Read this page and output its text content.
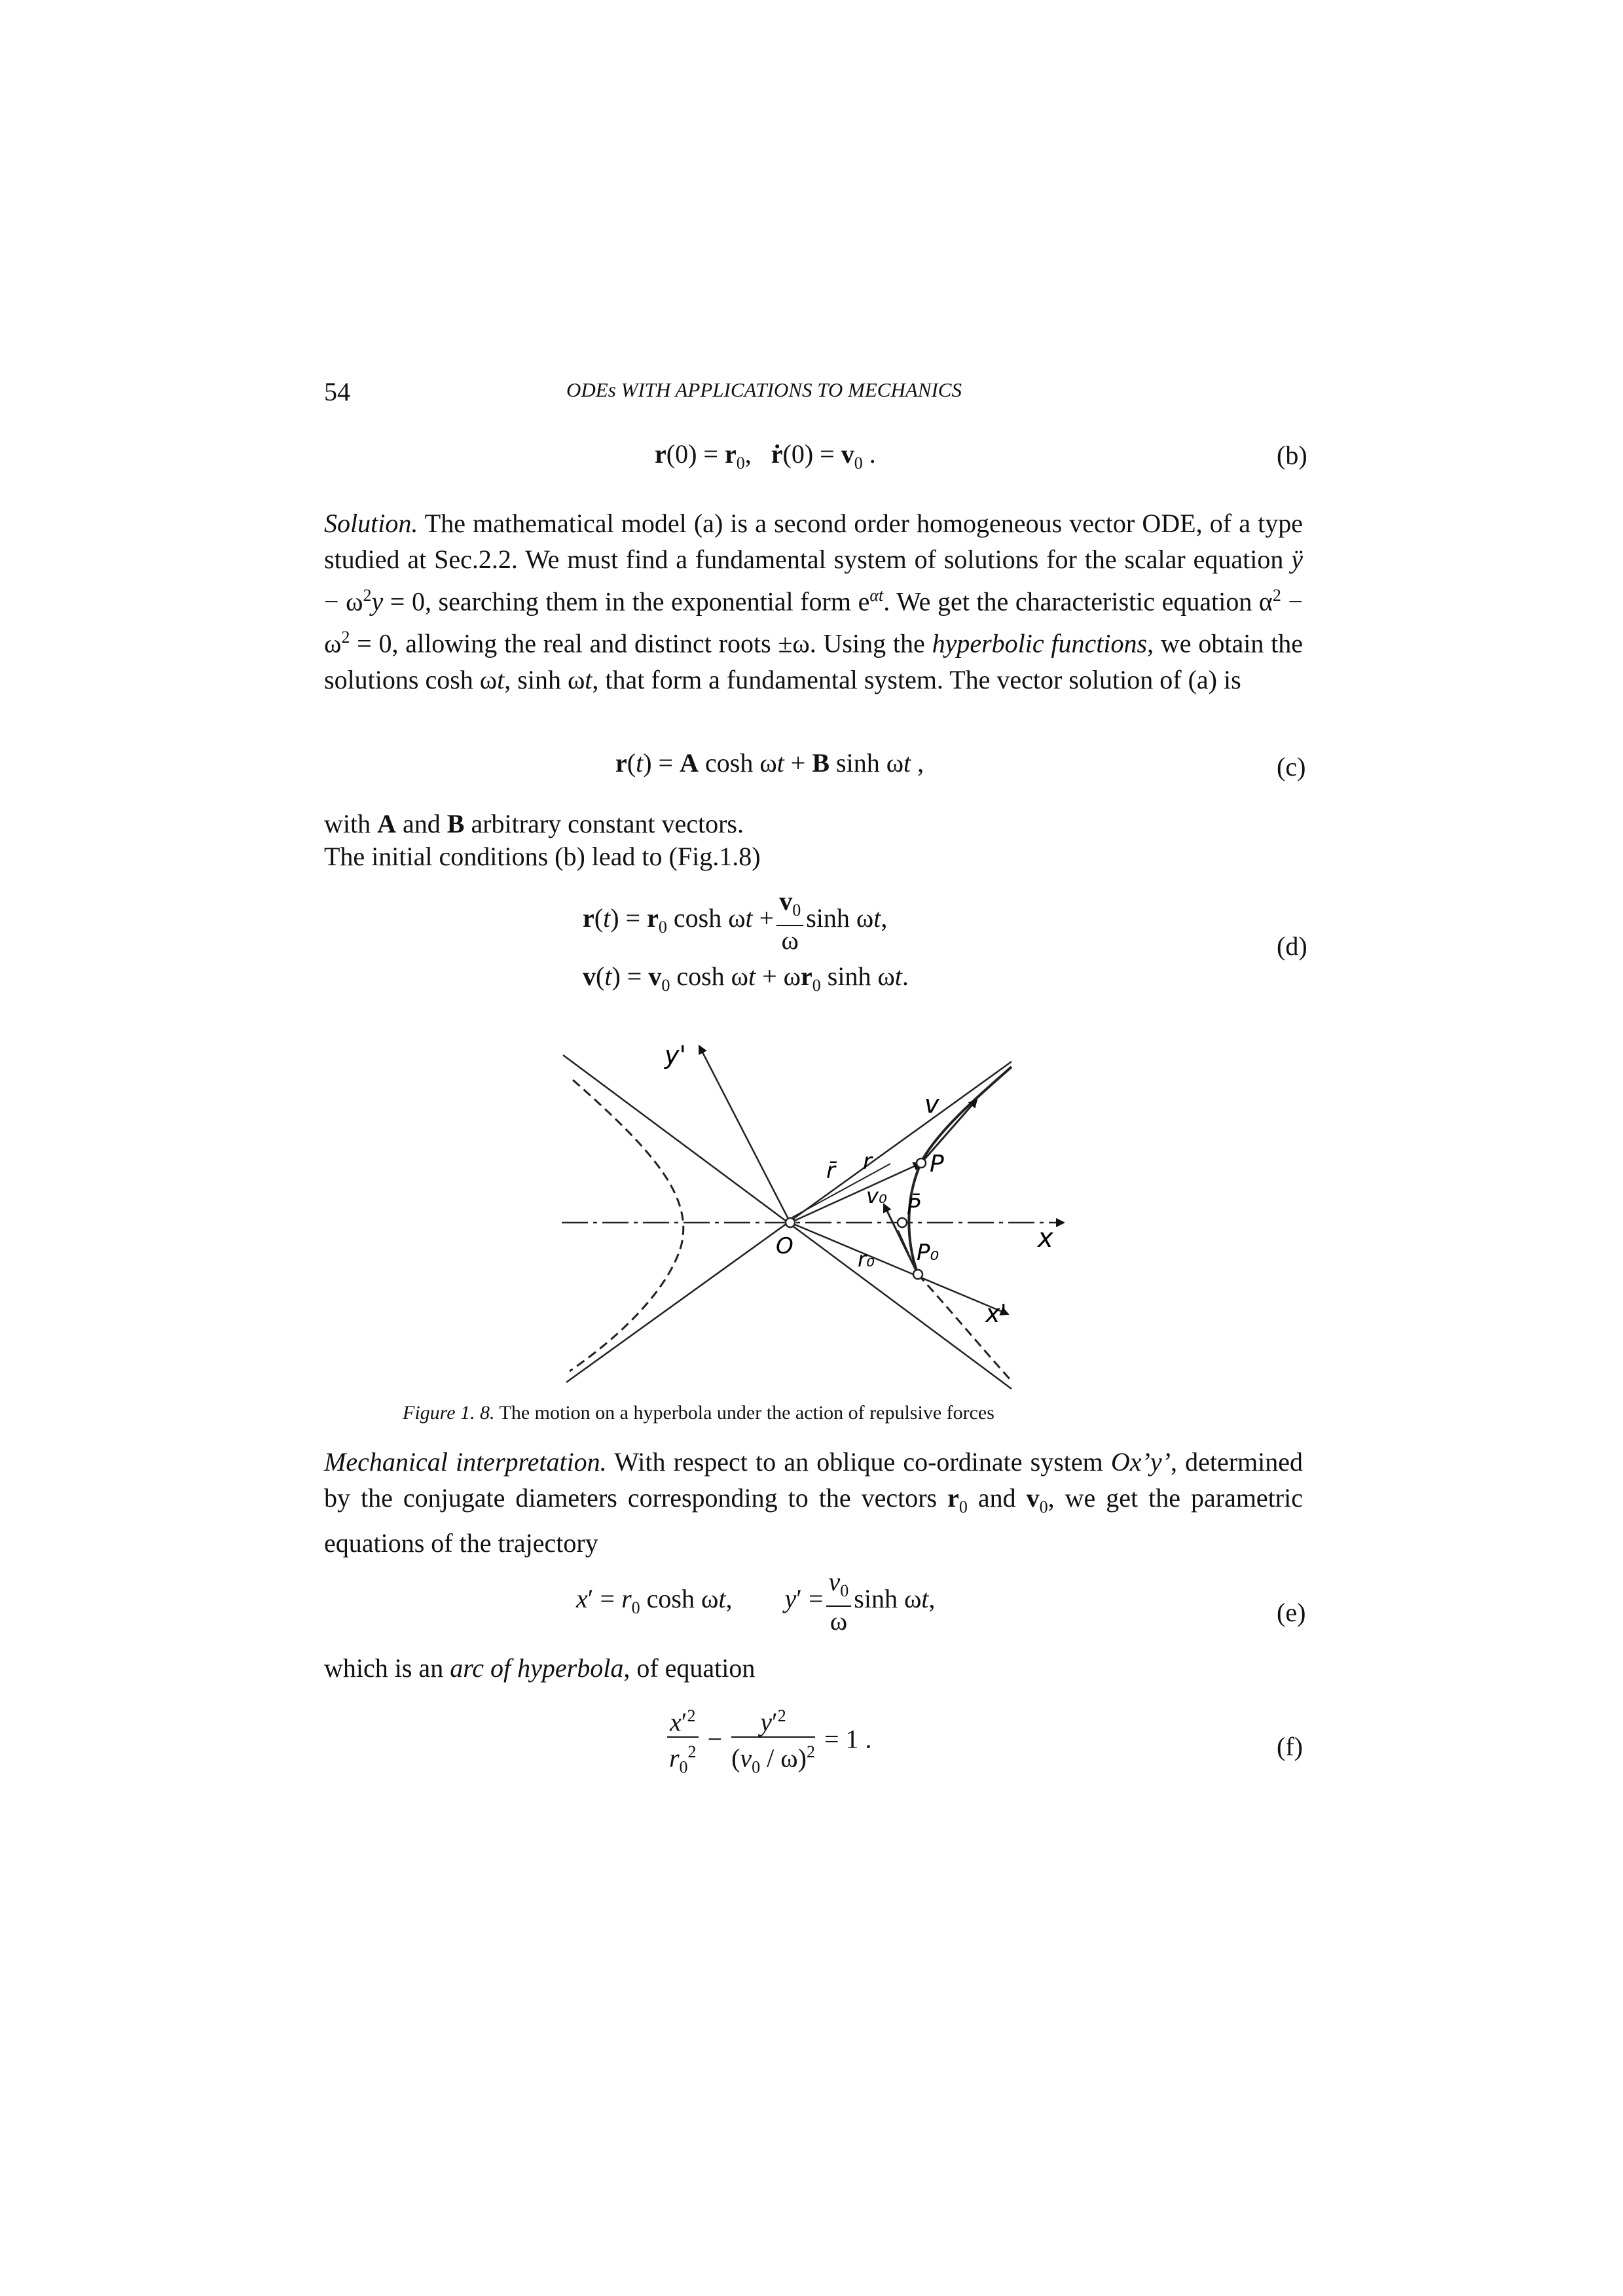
54	ODEs WITH APPLICATIONS TO MECHANICS
$r(0) = r_0$,   ṙ(0) = $v_0$ .	(b)

Solution. The mathematical model (a) is a second order homogeneous vector ODE, of a type studied at Sec.2.2. We must find a fundamental system of solutions for the scalar equation ÿ − $\omega^2y = 0$, searching them in the exponential form $e^{\alpha t}$. We get the characteristic equation $\alpha^2 - \omega^2 = 0$, allowing the real and distinct roots ±ω. Using the hyperbolic functions, we obtain the solutions cosh ωt, sinh ωt, that form a fundamental system. The vector solution of (a) is

r(t) = A cosh ωt + B sinh ωt ,	(c)
with A and B arbitrary constant vectors.
The initial conditions (b) lead to (Fig.1.8)
$r(t) = r_0$ $\cosh \omega t + \frac{v_0}{\omega}$ sinh ωt,
$v(t) = v_0$ $\cosh \omega t + \omega r_0$ sinh ωt.
(d)
y'
x
x'
O
v
r̄ r P
v₀ P̄
r₀ P₀
Figure 1. 8. The motion on a hyperbola under the action of repulsive forces

Mechanical interpretation. With respect to an oblique co-ordinate system Ox’y’, determined by the conjugate diameters corresponding to the vectors $r_0$ and $v_0$, we get the parametric equations of the trajectory

$x' = r_0$ cosh ωt,        $y' = \frac{v_0}{\omega}$ sinh ωt,	(e)
which is an arc of hyperbola, of equation
$\frac{x'^2}{r_0^2} - \frac{y'^2}{(v_0 / \omega)^2} = 1$ .	(f)
